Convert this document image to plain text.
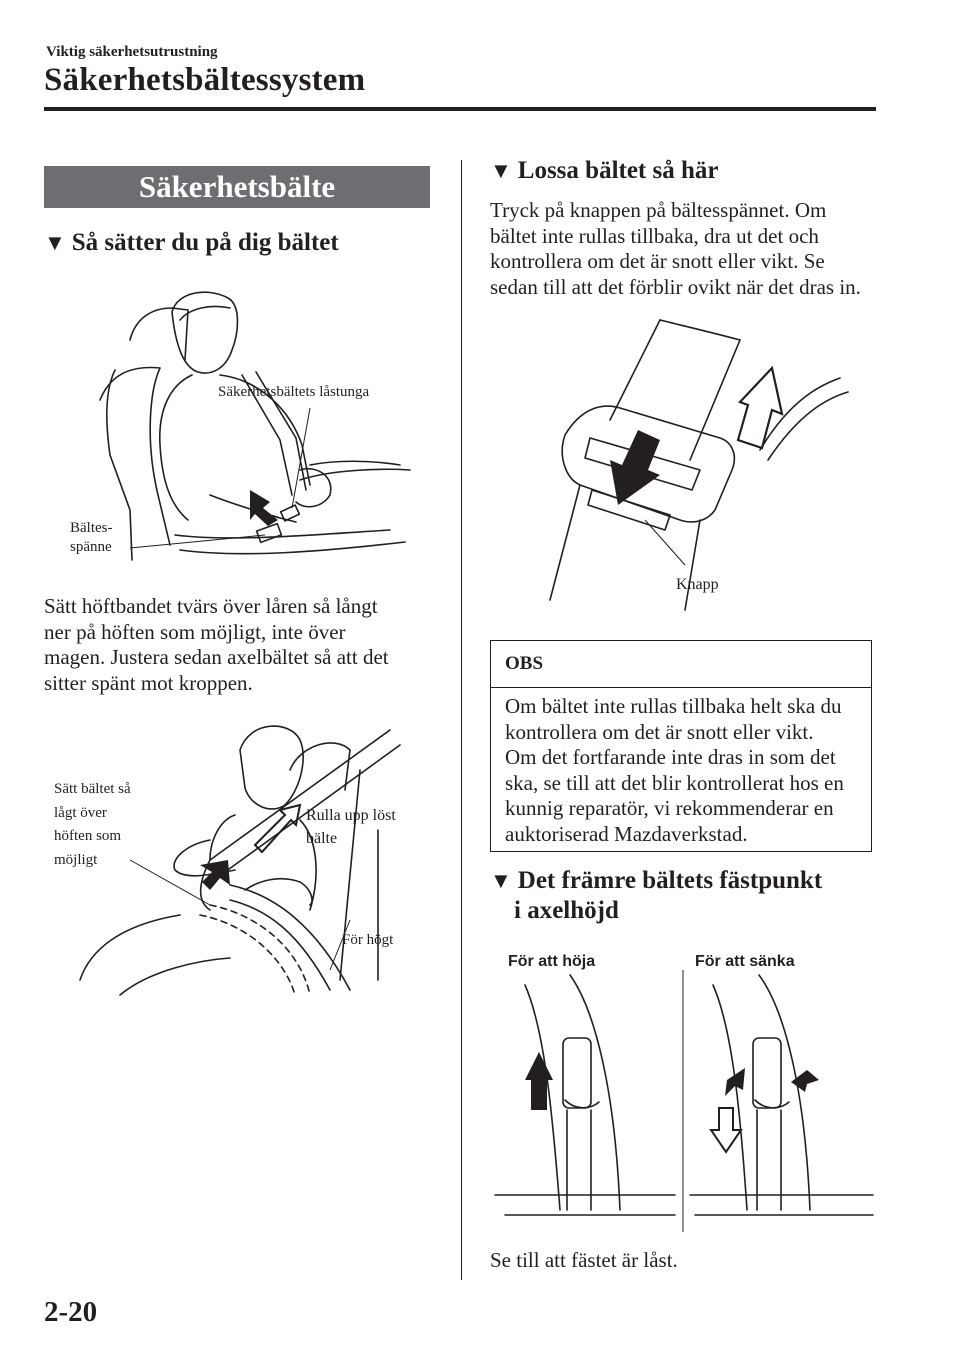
Viktig säkerhetsutrustning
Säkerhetsbältessystem
Säkerhetsbälte
▼ Så sätter du på dig bältet
Säkerhetsbältets låstunga
Bältes-
spänne
Sätt höftbandet tvärs över låren så långt
ner på höften som möjligt, inte över
magen. Justera sedan axelbältet så att det
sitter spänt mot kroppen.
Sätt bältet så
lågt över
höften som
möjligt
Rulla upp löst
bälte
För högt
▼ Lossa bältet så här
Tryck på knappen på bältesspännet. Om
bältet inte rullas tillbaka, dra ut det och
kontrollera om det är snott eller vikt. Se
sedan till att det förblir ovikt när det dras in.
Knapp
OBS
Om bältet inte rullas tillbaka helt ska du
kontrollera om det är snott eller vikt.
Om det fortfarande inte dras in som det
ska, se till att det blir kontrollerat hos en
kunnig reparatör, vi rekommenderar en
auktoriserad Mazdaverkstad.
▼ Det främre bältets fästpunkt
i axelhöjd
För att höja	För att sänka
Se till att fästet är låst.
2-20
